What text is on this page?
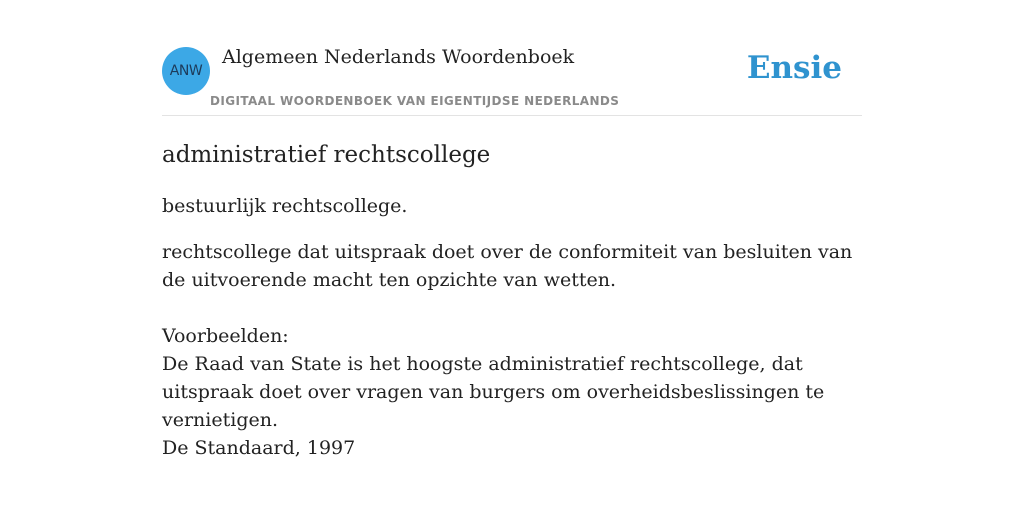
ANW
Algemeen Nederlands Woordenboek
DIGITAAL WOORDENBOEK VAN EIGENTIJDSE NEDERLANDS
Ensie
administratief rechtscollege

bestuurlijk rechtscollege.

rechtscollege dat uitspraak doet over de conformiteit van besluiten van de uitvoerende macht ten opzichte van wetten.

Voorbeelden:
De Raad van State is het hoogste administratief rechtscollege, dat uitspraak doet over vragen van burgers om overheidsbeslissingen te vernietigen.
De Standaard, 1997
